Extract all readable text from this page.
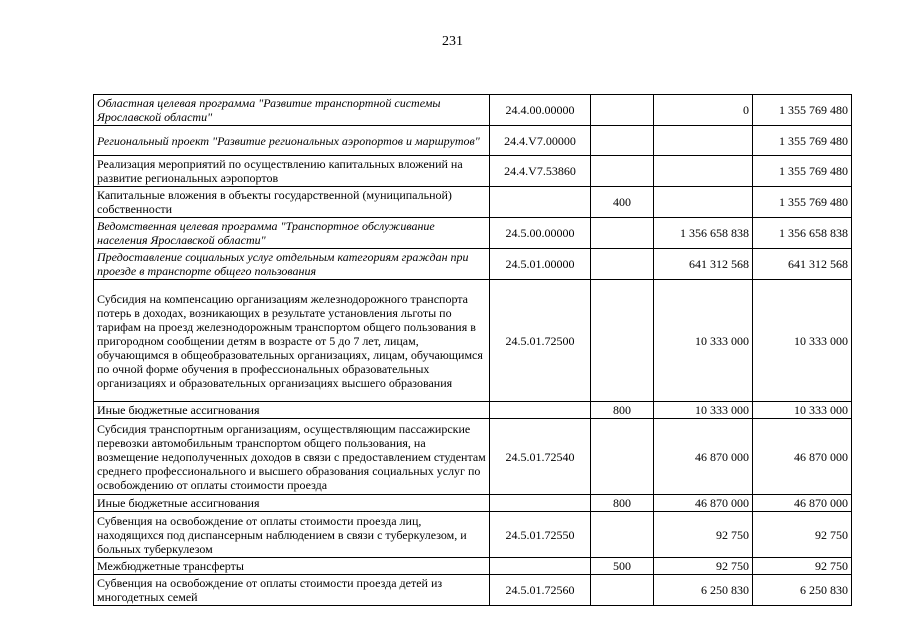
231
Областная целевая программа "Развитие транспортной системы Ярославской области"	24.4.00.00000		0	1 355 769 480
Региональный проект "Развитие региональных аэропортов и маршрутов"	24.4.V7.00000			1 355 769 480
Реализация мероприятий по осуществлению капитальных вложений на развитие региональных аэропортов	24.4.V7.53860			1 355 769 480
Капитальные вложения в объекты государственной (муниципальной) собственности		400		1 355 769 480
Ведомственная целевая программа "Транспортное обслуживание населения Ярославской области"	24.5.00.00000		1 356 658 838	1 356 658 838
Предоставление социальных услуг отдельным категориям граждан при проезде в транспорте общего пользования	24.5.01.00000		641 312 568	641 312 568
Субсидия на компенсацию организациям железнодорожного транспорта потерь в доходах, возникающих в результате установления льготы по тарифам на проезд железнодорожным транспортом общего пользования в пригородном сообщении детям в возрасте от 5 до 7 лет, лицам, обучающимся в общеобразовательных организациях, лицам, обучающимся по очной форме обучения в профессиональных образовательных организациях и образовательных организациях высшего образования	24.5.01.72500		10 333 000	10 333 000
Иные бюджетные ассигнования		800	10 333 000	10 333 000
Субсидия транспортным организациям, осуществляющим пассажирские перевозки автомобильным транспортом общего пользования, на возмещение недополученных доходов в связи с предоставлением студентам среднего профессионального и высшего образования социальных услуг по освобождению от оплаты стоимости проезда	24.5.01.72540		46 870 000	46 870 000
Иные бюджетные ассигнования		800	46 870 000	46 870 000
Субвенция на освобождение от оплаты стоимости проезда лиц, находящихся под диспансерным наблюдением в связи с туберкулезом, и больных туберкулезом	24.5.01.72550		92 750	92 750
Межбюджетные трансферты		500	92 750	92 750
Субвенция на освобождение от оплаты стоимости проезда детей из многодетных семей	24.5.01.72560		6 250 830	6 250 830
